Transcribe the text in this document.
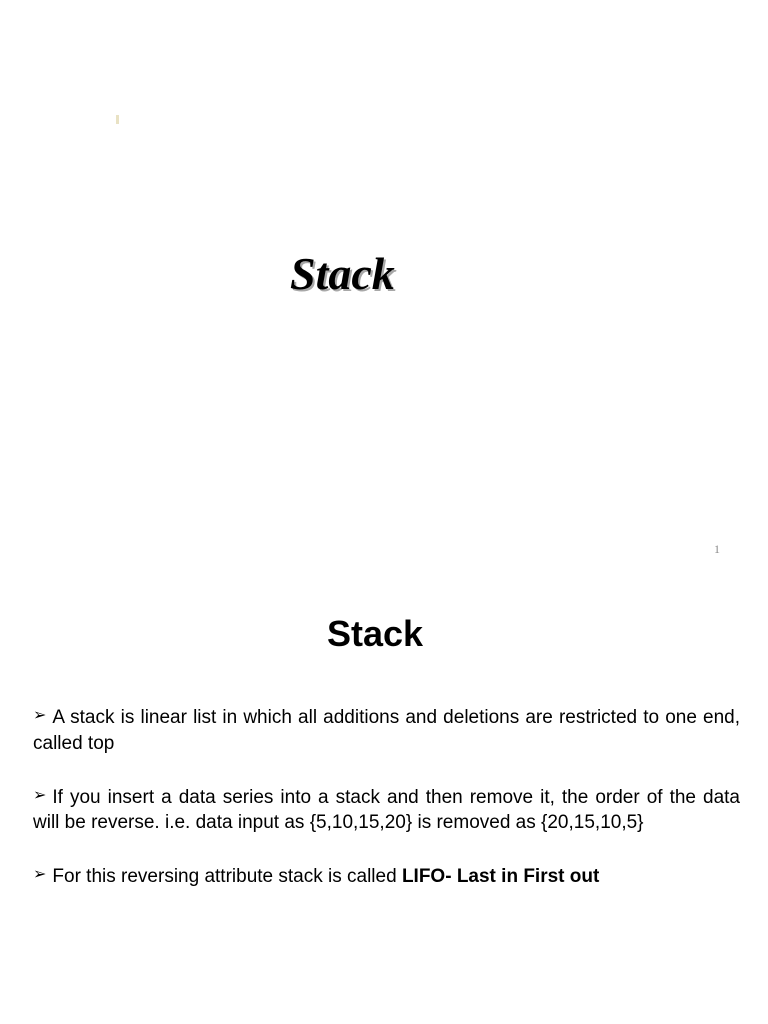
Stack
1
Stack
➢ A stack is linear list in which all additions and deletions are restricted to one end, called top
➢ If you insert a data series into a stack and then remove it, the order of the data will be reverse. i.e. data input as {5,10,15,20} is removed as {20,15,10,5}
➢ For this reversing attribute stack is called LIFO- Last in First out
